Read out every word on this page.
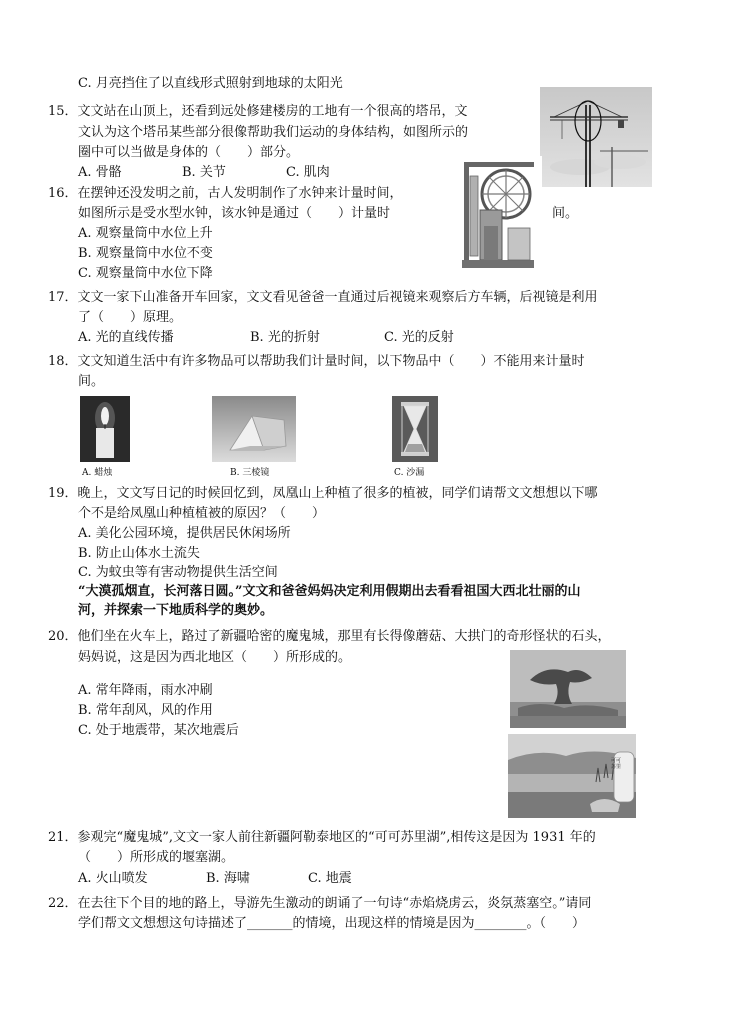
C. 月亮挡住了以直线形式照射到地球的太阳光
15．文文站在山顶上，还看到远处修建楼房的工地有一个很高的塔吊，文
文认为这个塔吊某些部分很像帮助我们运动的身体结构，如图所示的
圈中可以当做是身体的（　　）部分。
A. 骨骼	B. 关节	C. 肌肉
16．在摆钟还没发明之前，古人发明制作了水钟来计量时间，
如图所示是受水型水钟，该水钟是通过（　　）计量时	间。
A. 观察量筒中水位上升
B. 观察量筒中水位不变
C. 观察量筒中水位下降
17．文文一家下山准备开车回家，文文看见爸爸一直通过后视镜来观察后方车辆，后视镜是利用
了（　　）原理。
A. 光的直线传播	B. 光的折射	C. 光的反射
18．文文知道生活中有许多物品可以帮助我们计量时间，以下物品中（　　）不能用来计量时
间。
A. 蜡烛	B. 三棱镜	C. 沙漏
19．晚上，文文写日记的时候回忆到，凤凰山上种植了很多的植被，同学们请帮文文想想以下哪
个不是给凤凰山种植植被的原因？（　　）
A. 美化公园环境，提供居民休闲场所
B. 防止山体水土流失
C. 为蚊虫等有害动物提供生活空间
“大漠孤烟直，长河落日圆。”文文和爸爸妈妈决定利用假期出去看看祖国大西北壮丽的山
河，并探索一下地质科学的奥妙。
20．他们坐在火车上，路过了新疆哈密的魔鬼城，那里有长得像蘑菇、大拱门的奇形怪状的石头，
妈妈说，这是因为西北地区（　　）所形成的。
A. 常年降雨，雨水冲刷
B. 常年刮风，风的作用
C. 处于地震带，某次地震后
可可苏里
21．参观完“魔鬼城”,文文一家人前往新疆阿勒泰地区的“可可苏里湖”,相传这是因为 1931 年的
（　　）所形成的堰塞湖。
A. 火山喷发	B. 海啸	C. 地震
22．在去往下个目的地的路上，导游先生激动的朗诵了一句诗“赤焰烧虏云，炎氛蒸塞空。”请同
学们帮文文想想这句诗描述了_______的情境，出现这样的情境是因为________。（　　）
